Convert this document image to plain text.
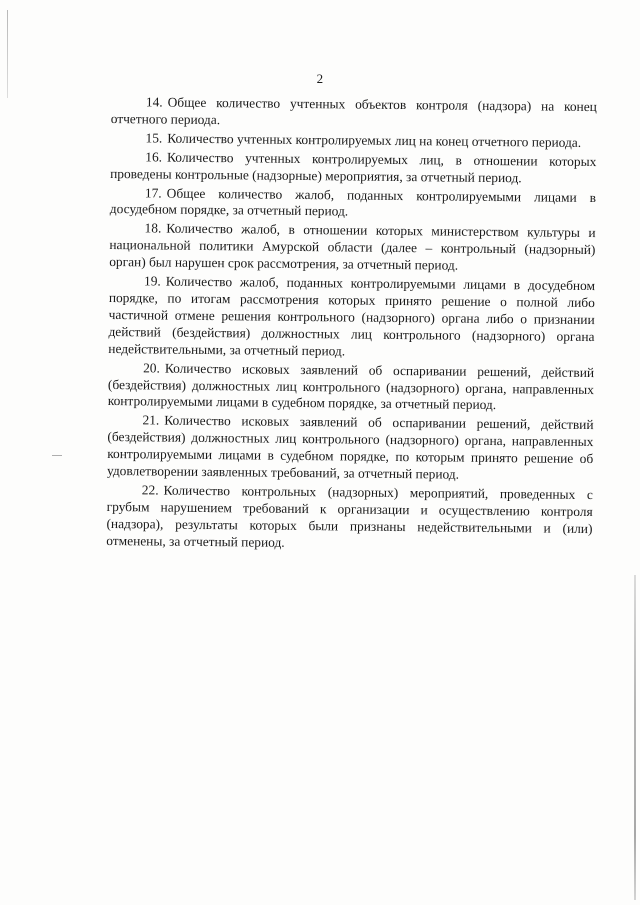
2

14. Общее количество учтенных объектов контроля (надзора) на конец отчетного периода.

15. Количество учтенных контролируемых лиц на конец отчетного периода.

16. Количество учтенных контролируемых лиц, в отношении которых проведены контрольные (надзорные) мероприятия, за отчетный период.

17. Общее количество жалоб, поданных контролируемыми лицами в досудебном порядке, за отчетный период.

18. Количество жалоб, в отношении которых министерством культуры и национальной политики Амурской области (далее – контрольный (надзорный) орган) был нарушен срок рассмотрения, за отчетный период.

19. Количество жалоб, поданных контролируемыми лицами в досудебном порядке, по итогам рассмотрения которых принято решение о полной либо частичной отмене решения контрольного (надзорного) органа либо о признании действий (бездействия) должностных лиц контрольного (надзорного) органа недействительными, за отчетный период.

20. Количество исковых заявлений об оспаривании решений, действий (бездействия) должностных лиц контрольного (надзорного) органа, направленных контролируемыми лицами в судебном порядке, за отчетный период.

21. Количество исковых заявлений об оспаривании решений, действий (бездействия) должностных лиц контрольного (надзорного) органа, направленных контролируемыми лицами в судебном порядке, по которым принято решение об удовлетворении заявленных требований, за отчетный период.

22. Количество контрольных (надзорных) мероприятий, проведенных с грубым нарушением требований к организации и осуществлению контроля (надзора), результаты которых были признаны недействительными и (или) отменены, за отчетный период.
